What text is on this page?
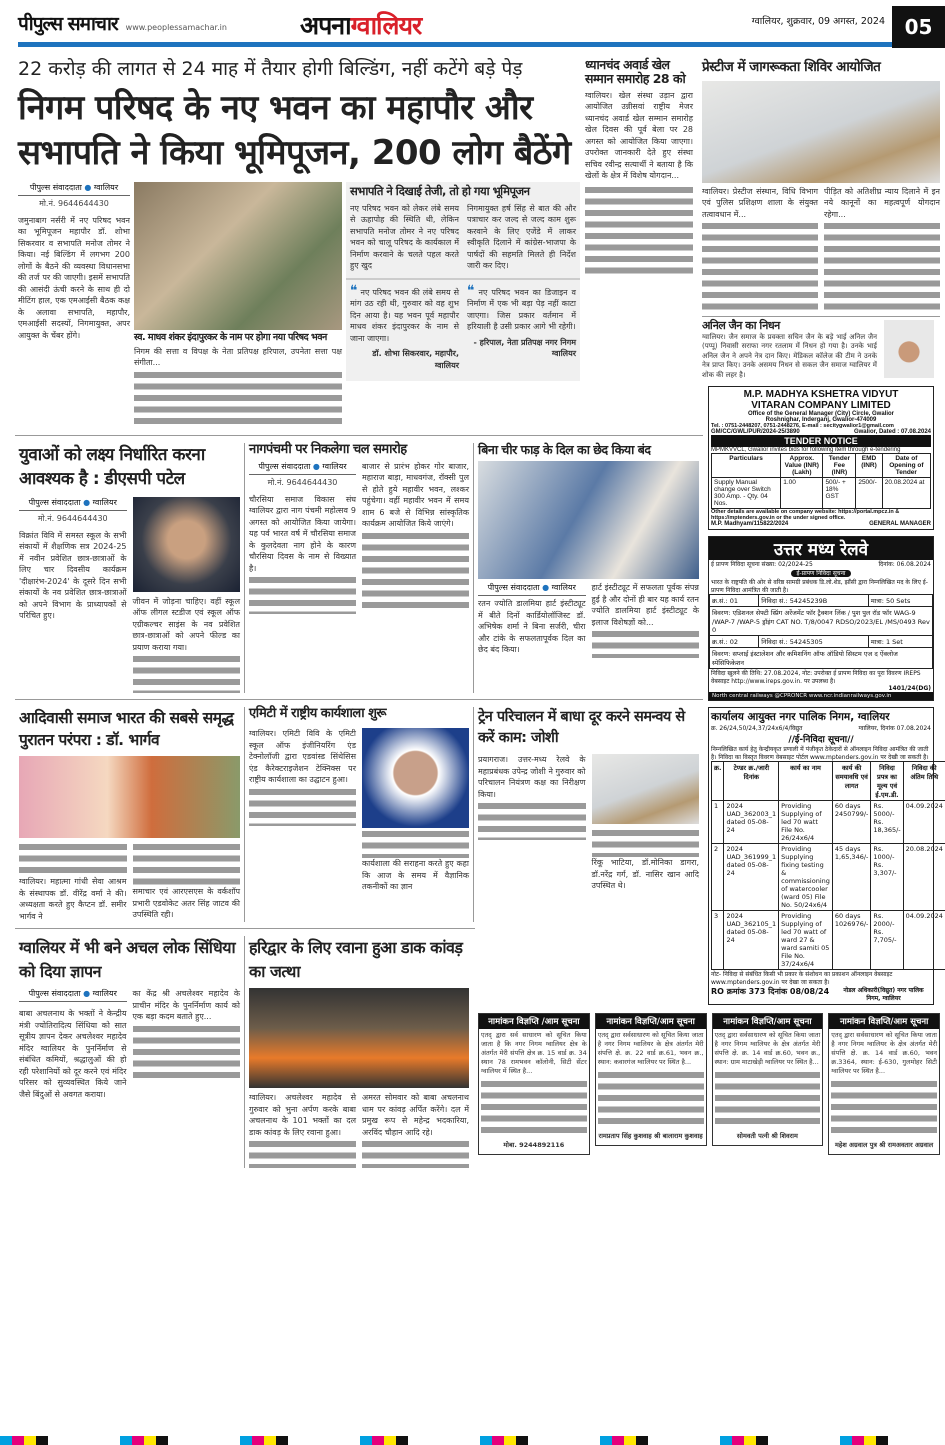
पीपुल्स समाचार www.peoplessamachar.in	अपनाग्वालियर	ग्वालियर, शुक्रवार, 09 अगस्त, 2024 05
22 करोड़ की लागत से 24 माह में तैयार होगी बिल्डिंग, नहीं कटेंगे बड़े पेड़
निगम परिषद के नए भवन का महापौर और सभापति ने किया भूमिपूजन, 200 लोग बैठेंगे
पीपुल्स संवाददाता ● ग्वालियर
मो.नं. 9644644430
जमुनाबाग नर्सरी में नए परिषद भवन का भूमिपूजन महापौर डॉ. शोभा सिकरवार व सभापति मनोज तोमर ने किया। नई बिल्डिंग में लगभग 200 लोगों के बैठने की व्यवस्था विधानसभा की तर्ज पर की जाएगी। इसमें सभापति की आसंदी ऊंची करने के साथ ही दो मीटिंग हाल, एक एमआईसी बैठक कक्ष के अलावा सभापति, महापौर, एमआईसी सदस्यों, निगमायुक्त, अपर आयुक्त के चेंबर होंगे।	स्व. माधव शंकर इंदापुरकर के नाम पर होगा नया परिषद भवन
निगम की सत्ता व विपक्ष के नेता प्रतिपक्ष हरिपाल, उपनेता सत्ता पक्ष संगीता...
सभापति ने दिखाई तेजी, तो हो गया भूमिपूजन
नए परिषद भवन को लेकर लंबे समय से ऊहापोह की स्थिति थी, लेकिन सभापति मनोज तोमर ने नए परिषद भवन को चालू परिषद के कार्यकाल में निर्माण करवाने के चलते पहल करते हुए खुद
निगमायुक्त हर्ष सिंह से बात की और पत्राचार कर जल्द से जल्द काम शुरू करवाने के लिए एजेंडे में लाकर स्वीकृति दिलाने में कांग्रेस-भाजपा के पार्षदों की सहमति मिलते ही निर्देश जारी कर दिए।
❝ नए परिषद भवन की लंबे समय से मांग उठ रही थी, गुरुवार को वह शुभ दिन आया है। यह भवन पूर्व महापौर माधव शंकर इंदापुरकर के नाम से जाना जाएगा।
डॉ. शोभा सिकरवार, महापौर, ग्वालियर
❝ नए परिषद भवन का डिजाइन व निर्माण में एक भी बड़ा पेड़ नहीं काटा जाएगा। जिस प्रकार वर्तमान में हरियाली है उसी प्रकार आगे भी रहेगी।
- हरिपाल, नेता प्रतिपक्ष नगर निगम ग्वालियर
ध्यानचंद अवार्ड खेल सम्मान समारोह 28 को
ग्वालियर। खेल संस्था उड़ान द्वारा आयोजित उन्नीसवां राष्ट्रीय मेजर ध्यानचंद अवार्ड खेल सम्मान समारोह खेल दिवस की पूर्व बेला पर 28 अगस्त को आयोजित किया जाएगा। उपरोक्त जानकारी देते हुए संस्था सचिव रवीन्द्र सत्यार्थी ने बताया है कि खेलों के क्षेत्र में विशेष योगदान...
युवाओं को लक्ष्य निर्धारित करना आवश्यक है : डीएसपी पटेल
पीपुल्स संवाददाता ● ग्वालियर
मो.नं. 9644644430
विक्रांत विवि में समस्त स्कूल के सभी संकायों में शैक्षणिक सत्र 2024-25 में नवीन प्रवेशित छात्र-छात्राओं के लिए चार दिवसीय कार्यक्रम 'दीक्षारंभ-2024' के दूसरे दिन सभी संकायों के नव प्रवेशित छात्र-छात्राओं को अपने विभाग के प्राध्यापकों से परिचित हुए।
जीवन में जोड़ना चाहिए। वहीं स्कूल ऑफ लीगल स्टडीज एवं स्कूल ऑफ एग्रीकल्चर साइंस के नव प्रवेशित छात्र-छात्राओं को अपने फील्ड का प्रयाण कराया गया।
नागपंचमी पर निकलेगा चल समारोह
पीपुल्स संवाददाता ● ग्वालियर
मो.नं. 9644644430
चौरसिया समाज विकास संघ ग्वालियर द्वारा नाग पंचमी महोत्सव 9 अगस्त को आयोजित किया जायेगा। यह पर्व भारत वर्ष में चौरसिया समाज के कुलदेवता नाग होने के कारण चौरसिया दिवस के नाम से विख्यात है।
बाजार से प्रारंभ होकर गोर बाजार, महाराज बाड़ा, माधवगंज, रॉक्सी पुल से होते हुये महावीर भवन, लश्कर पहुंचेगा। वहीं महावीर भवन में समय शाम 6 बजे से विभिन्न सांस्कृतिक कार्यक्रम आयोजित किये जाएंगे।
बिना चीर फाड़ के दिल का छेद किया बंद
पीपुल्स संवाददाता ● ग्वालियर
रतन ज्योति डालमिया हार्ट इंस्टीट्यूट में बीते दिनों कार्डियोलॉजिस्ट डॉ. अभिषेक शर्मा ने बिना सर्जरी, चीरा और टांके के सफलतापूर्वक दिल का छेद बंद किया।
हार्ट इंस्टीट्यूट में सफलता पूर्वक संपन्न हुई है और दोनों ही बार यह कार्य रतन ज्योति डालमिया हार्ट इंस्टीट्यूट के इलाज विशेषज्ञों को...
आदिवासी समाज भारत की सबसे समृद्ध पुरातन परंपरा : डॉ. भार्गव
ग्वालियर। महात्मा गांधी सेवा आश्रम के संस्थापक डॉ. वीरेंद्र वर्मा ने की। अध्यक्षता करते हुए कैप्टन डॉ. समीर भार्गव ने
समाचार एवं आरएसएस के वर्कशॉप प्रभारी एडवोकेट अतर सिंह जाटव की उपस्थिति रही।
एमिटी में राष्ट्रीय कार्यशाला शुरू
ग्वालियर। एमिटी विवि के एमिटी स्कूल ऑफ इंजीनियरिंग एंड टेक्नोलॉजी द्वारा एडवांस्ड सिंथेसिस एंड कैरेक्टराइजेशन टेक्निक्स पर राष्ट्रीय कार्यशाला का उद्घाटन हुआ।
कार्यशाला की सराहना करते हुए कहा कि आज के समय में वैज्ञानिक तकनीकों का ज्ञान
ट्रेन परिचालन में बाधा दूर करने समन्वय से करें काम: जोशी
प्रयागराज। उत्तर-मध्य रेलवे के महाप्रबंधक उपेन्द्र जोशी ने गुरुवार को परिचालन नियंत्रण कक्ष का निरीक्षण किया।
रिंकू भाटिया, डॉ.मोनिका डागरा, डॉ.नरेंद्र गर्ग, डॉ. नासिर खान आदि उपस्थित थे।
ग्वालियर में भी बने अचल लोक सिंधिया को दिया ज्ञापन
पीपुल्स संवाददाता ● ग्वालियर
बाबा अचलनाथ के भक्तों ने केन्द्रीय मंत्री ज्योतिरादित्य सिंधिया को सात सूत्रीय ज्ञापन देकर अचलेश्वर महादेव मंदिर ग्वालियर के पुनर्निर्माण से संबंधित कमियों, श्रद्धालुओं की हो रही परेशानियों को दूर करने एवं मंदिर परिसर को सुव्यवस्थित किये जाने जैसे बिंदुओं से अवगत कराया।
का केंद्र श्री अचलेश्वर महादेव के प्राचीन मंदिर के पुनर्निर्माण कार्य को एक बड़ा कदम बताते हुए...
हरिद्वार के लिए रवाना हुआ डाक कांवड़ का जत्था
ग्वालियर। अचलेश्वर महादेव से गुरुवार को भुना अर्पण करके बाबा अचलनाथ के 101 भक्तों का दल डाक कांवड़ के लिए रवाना हुआ।
अमरत सोमवार को बाबा अचलनाथ धाम पर कांवड़ अर्पित करेंगे। दल में प्रमुख रूप से महेन्द्र भदकारिया, अरविंद चौहान आदि रहे।
प्रेस्टीज में जागरूकता शिविर आयोजित
ग्वालियर। प्रेस्टीज संस्थान, विधि विभाग एवं पुलिस प्रशिक्षण शाला के संयुक्त तत्वावधान में...
पीड़ित को अतिशीघ्र न्याय दिलाने में इन नये कानूनों का महत्वपूर्ण योगदान रहेगा...
अनिल जैन का निधन
ग्वालियर। जैन समाज के प्रवक्ता सचिन जैन के बड़े भाई अनिल जैन (पप्पू) निवासी सराफा नगर रतलाम में निधन हो गया है। उनके भाई अनिल जैन ने अपने नेत्र दान किए। मेडिकल कॉलेज की टीम ने उनके नेत्र प्राप्त किए। उनके असमय निधन से सकल जैन समाज ग्वालियर में शोक की लहर है।
M.P. MADHYA KSHETRA VIDYUT
VITARAN COMPANY LIMITED
Office of the General Manager (City) Circle, Gwalior
Roshnighar, Inderganj, Gwalior-474009
Tel. : 0751-2448207, 0751-2448276, E-mail : secitygwalior1@gmail.com
GM/CC/GWL/PUR/2024-25/3890	Gwalior, Dated : 07.08.2024
TENDER NOTICE
MPMKVVCL, Gwalior invites bids for following item through e-tendering
Particulars	Approx. Value (INR) (Lakh)	Tender Fee (INR)	EMD (INR)	Date of Opening of Tender
Supply Manual change over Switch 300 Amp. - Qty. 04 Nos.	1.00	500/- + 18% GST	2500/-	20.08.2024 at
Other details are available on company website: https://portal.mpcz.in & https://mptenders.gov.in or the under signed office.
M.P. Madhyam/115822/2024	GENERAL MANAGER
उत्तर मध्य रेलवे
ई प्रापण निविदा सूचना संख्या: 02/2024-25	दिनांक: 06.08.2024
ई-प्रापण निविदा सूचना
भारत के राष्ट्रपति की ओर से वरिष्ठ सामग्री प्रबंधक डि.लो.शेड, झाँसी द्वारा निम्नलिखित मद के लिए ई-प्रापण निविदा आमंत्रित की जाती है।
क्र.सं.: 01	निविदा सं.: 54245239B	मात्रा: 50 Sets
विवरण: एडिशनल सेफ्टी स्प्रिंग अरेंजमेंट फॉर ट्रैक्शन लिंक / पुश पुल रॉड फॉर WAG-9 /WAP-7 /WAP-5 ड्रॉइंग CAT NO. T/8/0047 RDSO/2023/EL /MS/0493 Rev 0		
क्र.सं.: 02	निविदा सं.: 54245305	मात्रा: 1 Set
विवरण: सप्लाई इंस्टालेशन और कमिशनिंग ऑफ ऑडियो सिस्टम एज द ऐंक्लोज स्पेसिफिकेशन		
निविदा खुलने की तिथि: 27.08.2024, नोट: उपरोक्त ई प्रापण निविदा का पूरा विवरण IREPS वेबसाइट http://www.ireps.gov.in. पर उपलब्ध है।
1401/24(DG)
North central railways @CPRONCR www.ncr.indianrailways.gov.in
कार्यालय आयुक्त नगर पालिक निगम, ग्वालियर
क्र. 26/24,50/24,37/24x6/4/विद्युत	ग्वालियर, दिनांक 07.08.2024
//ई-निविदा सूचना//
निम्नलिखित कार्य हेतु केन्द्रीयकृत प्रणाली में पंजीकृत ठेकेदारों से ऑनलाइन निविदा आमंत्रित की जाती है। निविदा का विस्तृत विवरण वेबसाइट पोर्टल www.mptenders.gov.in पर देखी जा सकती है।
क्र.	टेण्डर क्र./जारी दिनांक	कार्य का नाम	कार्य की समयावधि एवं लागत	निविदा प्रपत्र का मूल्य एवं ई.एम.डी.	निविदा की अंतिम तिथि
1	2024 UAD_362003_1 dated 05-08-24	Providing Supplying of led 70 watt File No. 26/24x6/4	60 days 2450799/-	Rs. 5000/- Rs. 18,365/-	04.09.2024
2	2024 UAD_361999_1 dated 05-08-24	Providing Supplying fixing testing & commissioning of watercooler (ward 05) File No. 50/24x6/4	45 days 1,65,346/-	Rs. 1000/- Rs. 3,307/-	20.08.2024
3	2024 UAD_362105_1 dated 05-08-24	Providing Supplying of led 70 watt of ward 27 & ward samiti 05 File No. 37/24x6/4	60 days 1026976/-	Rs. 2000/- Rs. 7,705/-	04.09.2024
नोट- निविदा से संबंधित किसी भी प्रकार के संशोधन का प्रकाशन ऑनलाइन वेबसाइट www.mptenders.gov.in पर देखा जा सकता है।
RO क्रमांक 373 दिनांक 08/08/24	नोडल अधिकारी(विद्युत) नगर पालिक निगम, ग्वालियर
नामांकन विज्ञप्ति /आम सूचना
एतद् द्वारा सर्व साधारण को सूचित किया जाता है कि नगर निगम ग्वालियर क्षेत्र के अंतर्गत मेरी संपत्ति क्षेत्र क्र. 15 वार्ड क्र. 34 स्थान 78 रामभवन कॉलोनी, सिटी सेंटर ग्वालियर में स्थित है...
मोबा. 9244892116
नामांकन विज्ञप्ति/आम सूचना
एतद् द्वारा सर्वसाधारण को सूचित किया जाता है नगर निगम ग्वालियर के क्षेत्र अंतर्गत मेरी संपत्ति क्षे. क्र. 22 वार्ड क्र.61, भवन क्र., स्थान: कवारगंज ग्वालियर पर स्थित है...
रामप्रताप सिंह कुशवाह श्री बालाराम कुशवाह
नामांकन विज्ञप्ति/आम सूचना
एतद् द्वारा सर्वसाधारण को सूचित किया जाता है नगर निगम ग्वालियर के क्षेत्र अंतर्गत मेरी संपत्ति क्षे. क्र. 14 वार्ड क्र.60, भवन क्र., स्थान: ग्राम माटाखेड़ी ग्वालियर पर स्थित है...
सोमवती पत्नी श्री शिवराम
नामांकन विज्ञप्ति/आम सूचना
एतद् द्वारा सर्वसाधारण को सूचित किया जाता है नगर निगम ग्वालियर के क्षेत्र अंतर्गत मेरी संपत्ति क्षे. क्र. 14 वार्ड क्र.60, भवन क्र.3364, स्थान: ई-630, गुलमोहर सिटी ग्वालियर पर स्थित है...
महेश अग्रवाल पुत्र श्री रामअवतार अग्रवाल
